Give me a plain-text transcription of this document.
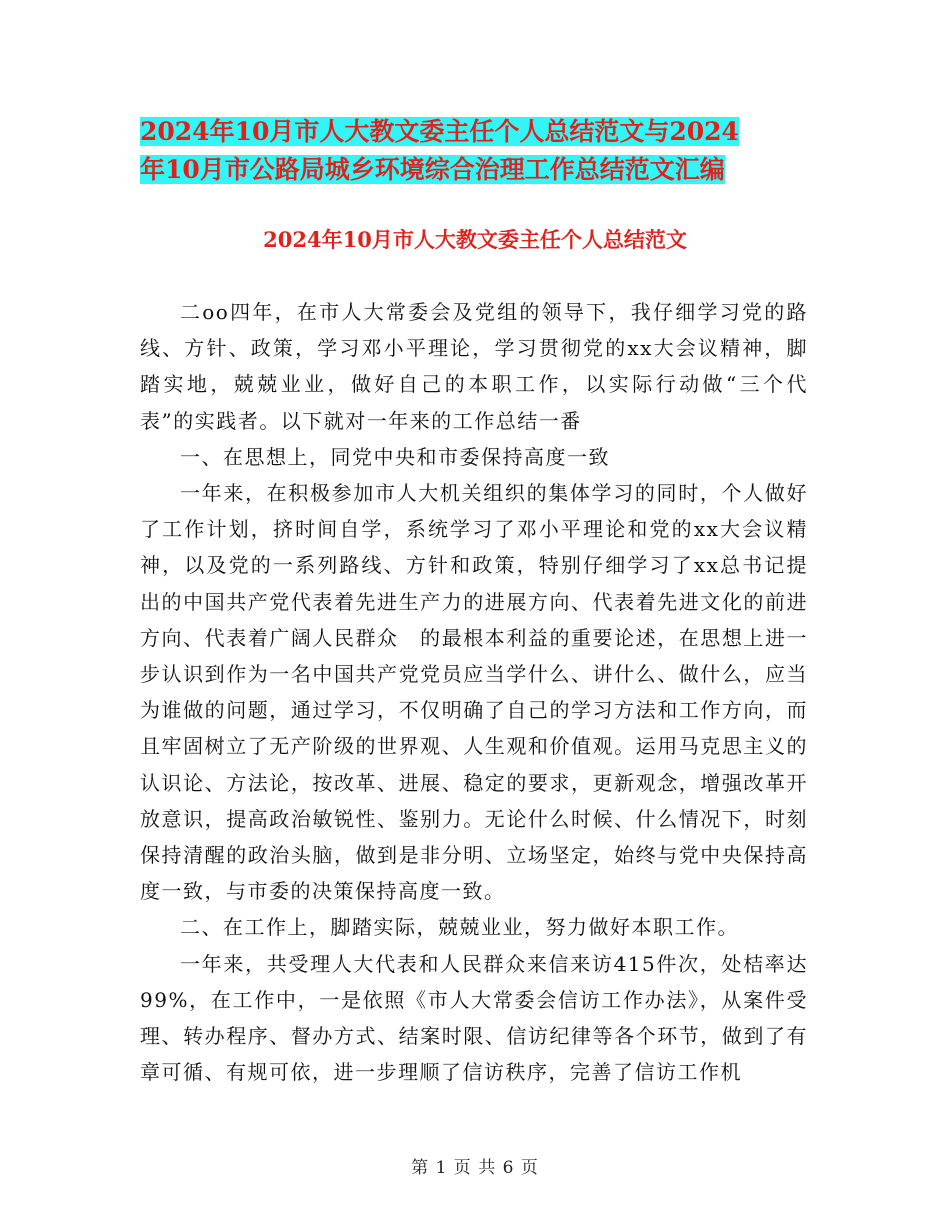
2024年10月市人大教文委主任个人总结范文与2024
年10月市公路局城乡环境综合治理工作总结范文汇编
2024年10月市人大教文委主任个人总结范文

二oo四年，在市人大常委会及党组的领导下，我仔细学习党的路线、方针、政策，学习邓小平理论，学习贯彻党的xx大会议精神，脚踏实地，兢兢业业，做好自己的本职工作，以实际行动做“三个代表”的实践者。以下就对一年来的工作总结一番

一、在思想上，同党中央和市委保持高度一致

一年来，在积极参加市人大机关组织的集体学习的同时，个人做好了工作计划，挤时间自学，系统学习了邓小平理论和党的xx大会议精神，以及党的一系列路线、方针和政策，特别仔细学习了xx总书记提出的中国共产党代表着先进生产力的进展方向、代表着先进文化的前进方向、代表着广阔人民群众　的最根本利益的重要论述，在思想上进一步认识到作为一名中国共产党党员应当学什么、讲什么、做什么，应当为谁做的问题，通过学习，不仅明确了自己的学习方法和工作方向，而且牢固树立了无产阶级的世界观、人生观和价值观。运用马克思主义的认识论、方法论，按改革、进展、稳定的要求，更新观念，增强改革开放意识，提高政治敏锐性、鉴别力。无论什么时候、什么情况下，时刻保持清醒的政治头脑，做到是非分明、立场坚定，始终与党中央保持高度一致，与市委的决策保持高度一致。

二、在工作上，脚踏实际，兢兢业业，努力做好本职工作。

一年来，共受理人大代表和人民群众来信来访415件次，处桔率达99%，在工作中，一是依照《市人大常委会信访工作办法》，从案件受理、转办程序、督办方式、结案时限、信访纪律等各个环节，做到了有章可循、有规可依，进一步理顺了信访秩序，完善了信访工作机

第 1 页 共 6 页
